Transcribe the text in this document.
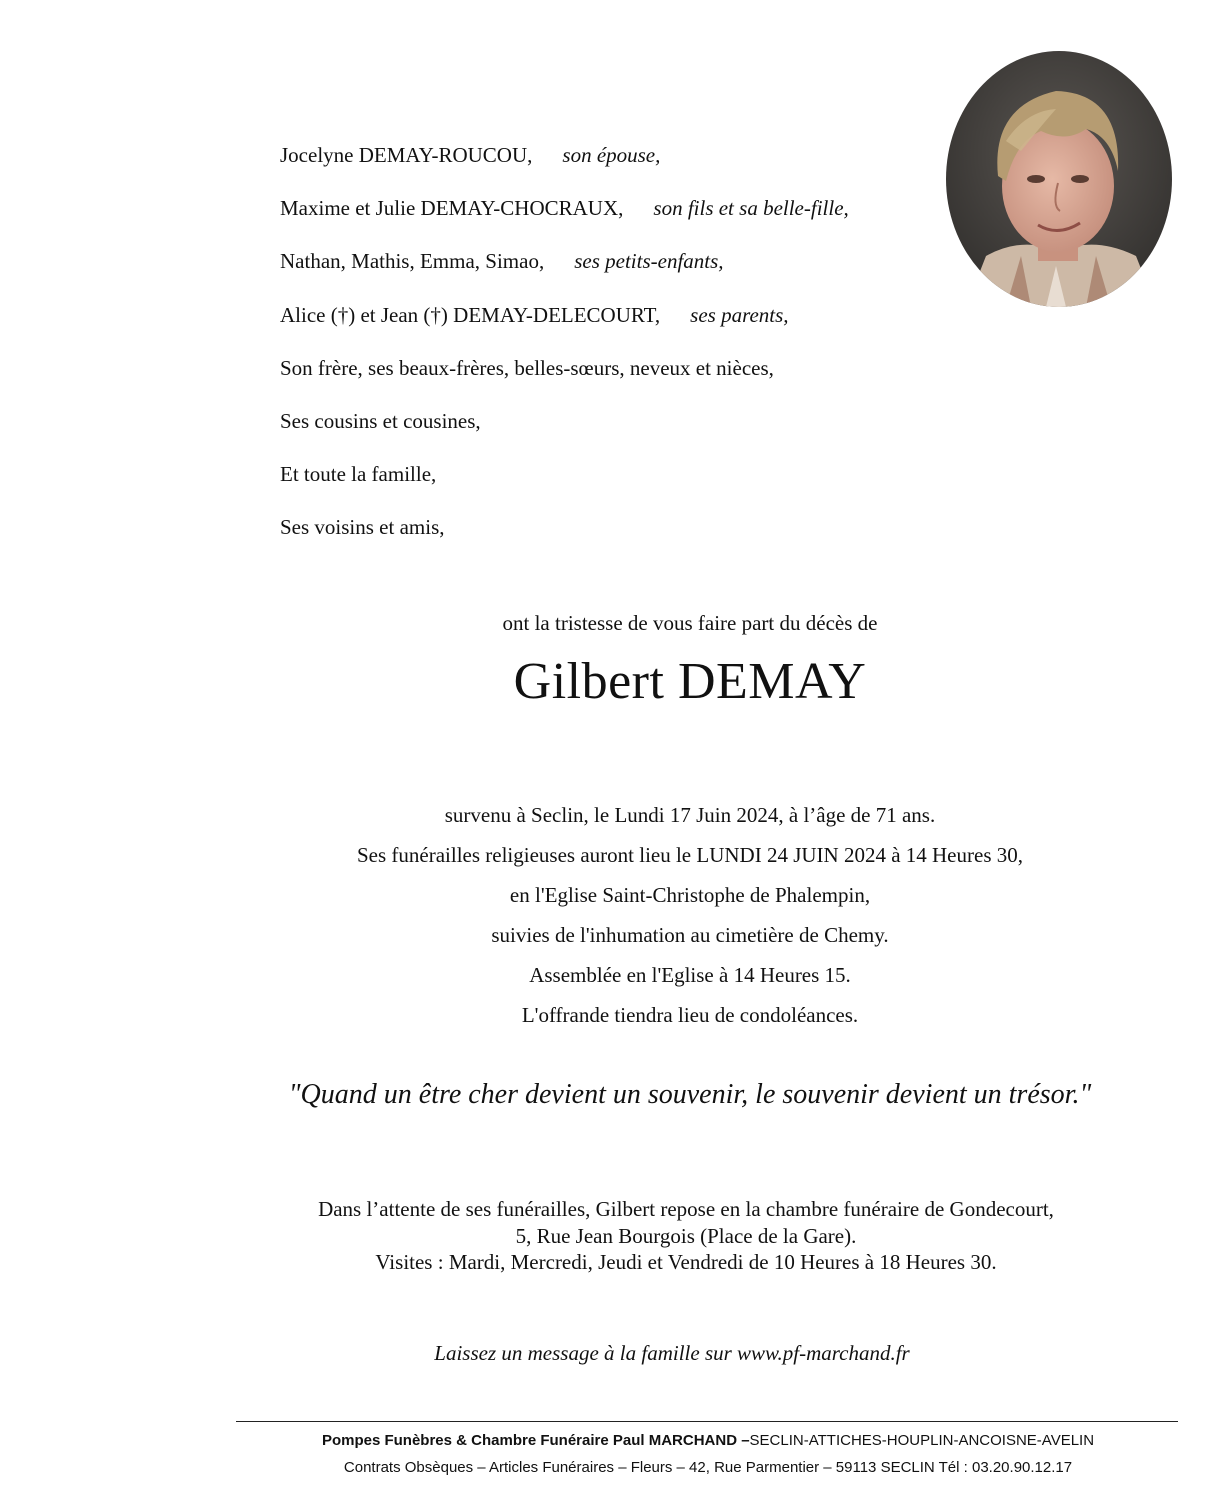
Jocelyne DEMAY-ROUCOU, son épouse,
Maxime et Julie DEMAY-CHOCRAUX, son fils et sa belle-fille,
Nathan, Mathis, Emma, Simao, ses petits-enfants,
Alice (†) et Jean (†) DEMAY-DELECOURT, ses parents,
Son frère, ses beaux-frères, belles-sœurs, neveux et nièces,
Ses cousins et cousines,
Et toute la famille,
Ses voisins et amis,
ont la tristesse de vous faire part du décès de
Gilbert DEMAY
survenu à Seclin, le Lundi 17 Juin 2024, à l’âge de 71 ans.
Ses funérailles religieuses auront lieu le LUNDI 24 JUIN 2024 à 14 Heures 30,
en l'Eglise Saint-Christophe de Phalempin,
suivies de l'inhumation au cimetière de Chemy.
Assemblée en l'Eglise à 14 Heures 15.
L'offrande tiendra lieu de condoléances.
"Quand un être cher devient un souvenir, le souvenir devient un trésor."
Dans l’attente de ses funérailles, Gilbert repose en la chambre funéraire de Gondecourt,
5, Rue Jean Bourgois (Place de la Gare).
Visites : Mardi, Mercredi, Jeudi et Vendredi de 10 Heures à 18 Heures 30.
Laissez un message à la famille sur www.pf-marchand.fr
Pompes Funèbres & Chambre Funéraire Paul MARCHAND –SECLIN-ATTICHES-HOUPLIN-ANCOISNE-AVELIN
Contrats Obsèques – Articles Funéraires – Fleurs – 42, Rue Parmentier – 59113 SECLIN Tél : 03.20.90.12.17
